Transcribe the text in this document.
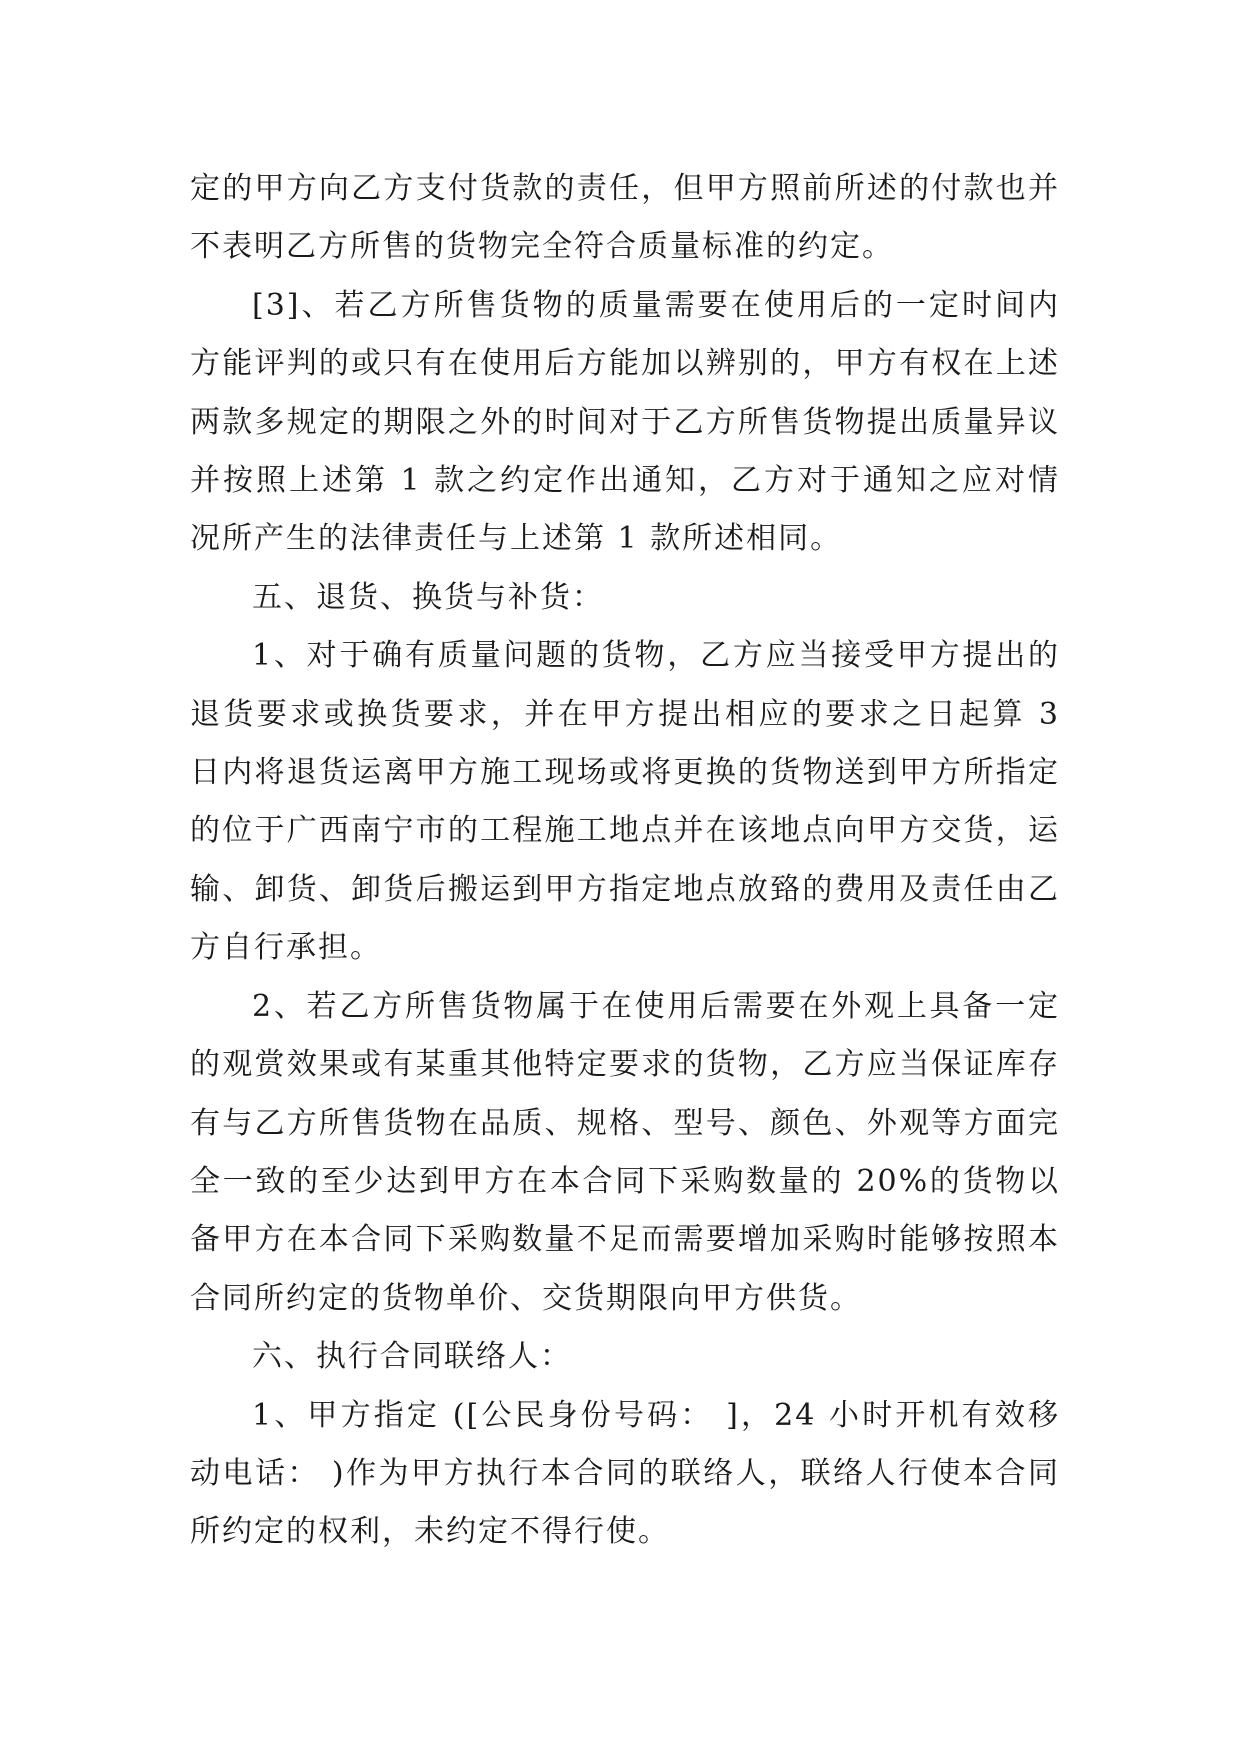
定的甲方向乙方支付货款的责任，但甲方照前所述的付款也并不表明乙方所售的货物完全符合质量标准的约定。

[3]、若乙方所售货物的质量需要在使用后的一定时间内方能评判的或只有在使用后方能加以辨别的，甲方有权在上述两款多规定的期限之外的时间对于乙方所售货物提出质量异议并按照上述第 1 款之约定作出通知，乙方对于通知之应对情况所产生的法律责任与上述第 1 款所述相同。

五、退货、换货与补货：

1、对于确有质量问题的货物，乙方应当接受甲方提出的退货要求或换货要求，并在甲方提出相应的要求之日起算 3 日内将退货运离甲方施工现场或将更换的货物送到甲方所指定的位于广西南宁市的工程施工地点并在该地点向甲方交货，运输、卸货、卸货后搬运到甲方指定地点放臵的费用及责任由乙方自行承担。

2、若乙方所售货物属于在使用后需要在外观上具备一定的观赏效果或有某重其他特定要求的货物，乙方应当保证库存有与乙方所售货物在品质、规格、型号、颜色、外观等方面完全一致的至少达到甲方在本合同下采购数量的 20%的货物以备甲方在本合同下采购数量不足而需要增加采购时能够按照本合同所约定的货物单价、交货期限向甲方供货。

六、执行合同联络人：

1、甲方指定 ([公民身份号码： ]，24 小时开机有效移动电话： )作为甲方执行本合同的联络人，联络人行使本合同所约定的权利，未约定不得行使。
